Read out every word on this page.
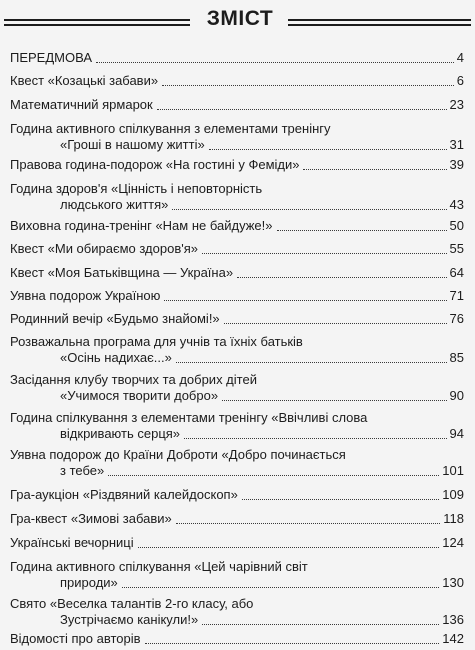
ЗМІСТ
ПЕРЕДМОВА	4
Квест «Козацькі забави»	6
Математичний ярмарок	23
Година активного спілкування з елементами тренінгу
«Гроші в нашому житті»	31
Правова година-подорож «На гостині у Феміди»	39
Година здоров'я «Цінність і неповторність
людського життя»	43
Виховна година-тренінг «Нам не байдуже!»	50
Квест «Ми обираємо здоров'я»	55
Квест «Моя Батьківщина — Україна»	64
Уявна подорож Україною	71
Родинний вечір «Будьмо знайомі!»	76
Розважальна програма для учнів та їхніх батьків
«Осінь надихає...»	85
Засідання клубу творчих та добрих дітей
«Учимося творити добро»	90
Година спілкування з елементами тренінгу «Ввічливі слова
відкривають серця»	94
Уявна подорож до Країни Доброти «Добро починається
з тебе»	101
Гра-аукціон «Різдвяний калейдоскоп»	109
Гра-квест «Зимові забави»	118
Українські вечорниці	124
Година активного спілкування «Цей чарівний світ
природи»	130
Свято «Веселка талантів 2-го класу, або
Зустрічаємо канікули!»	136
Відомості про авторів	142
